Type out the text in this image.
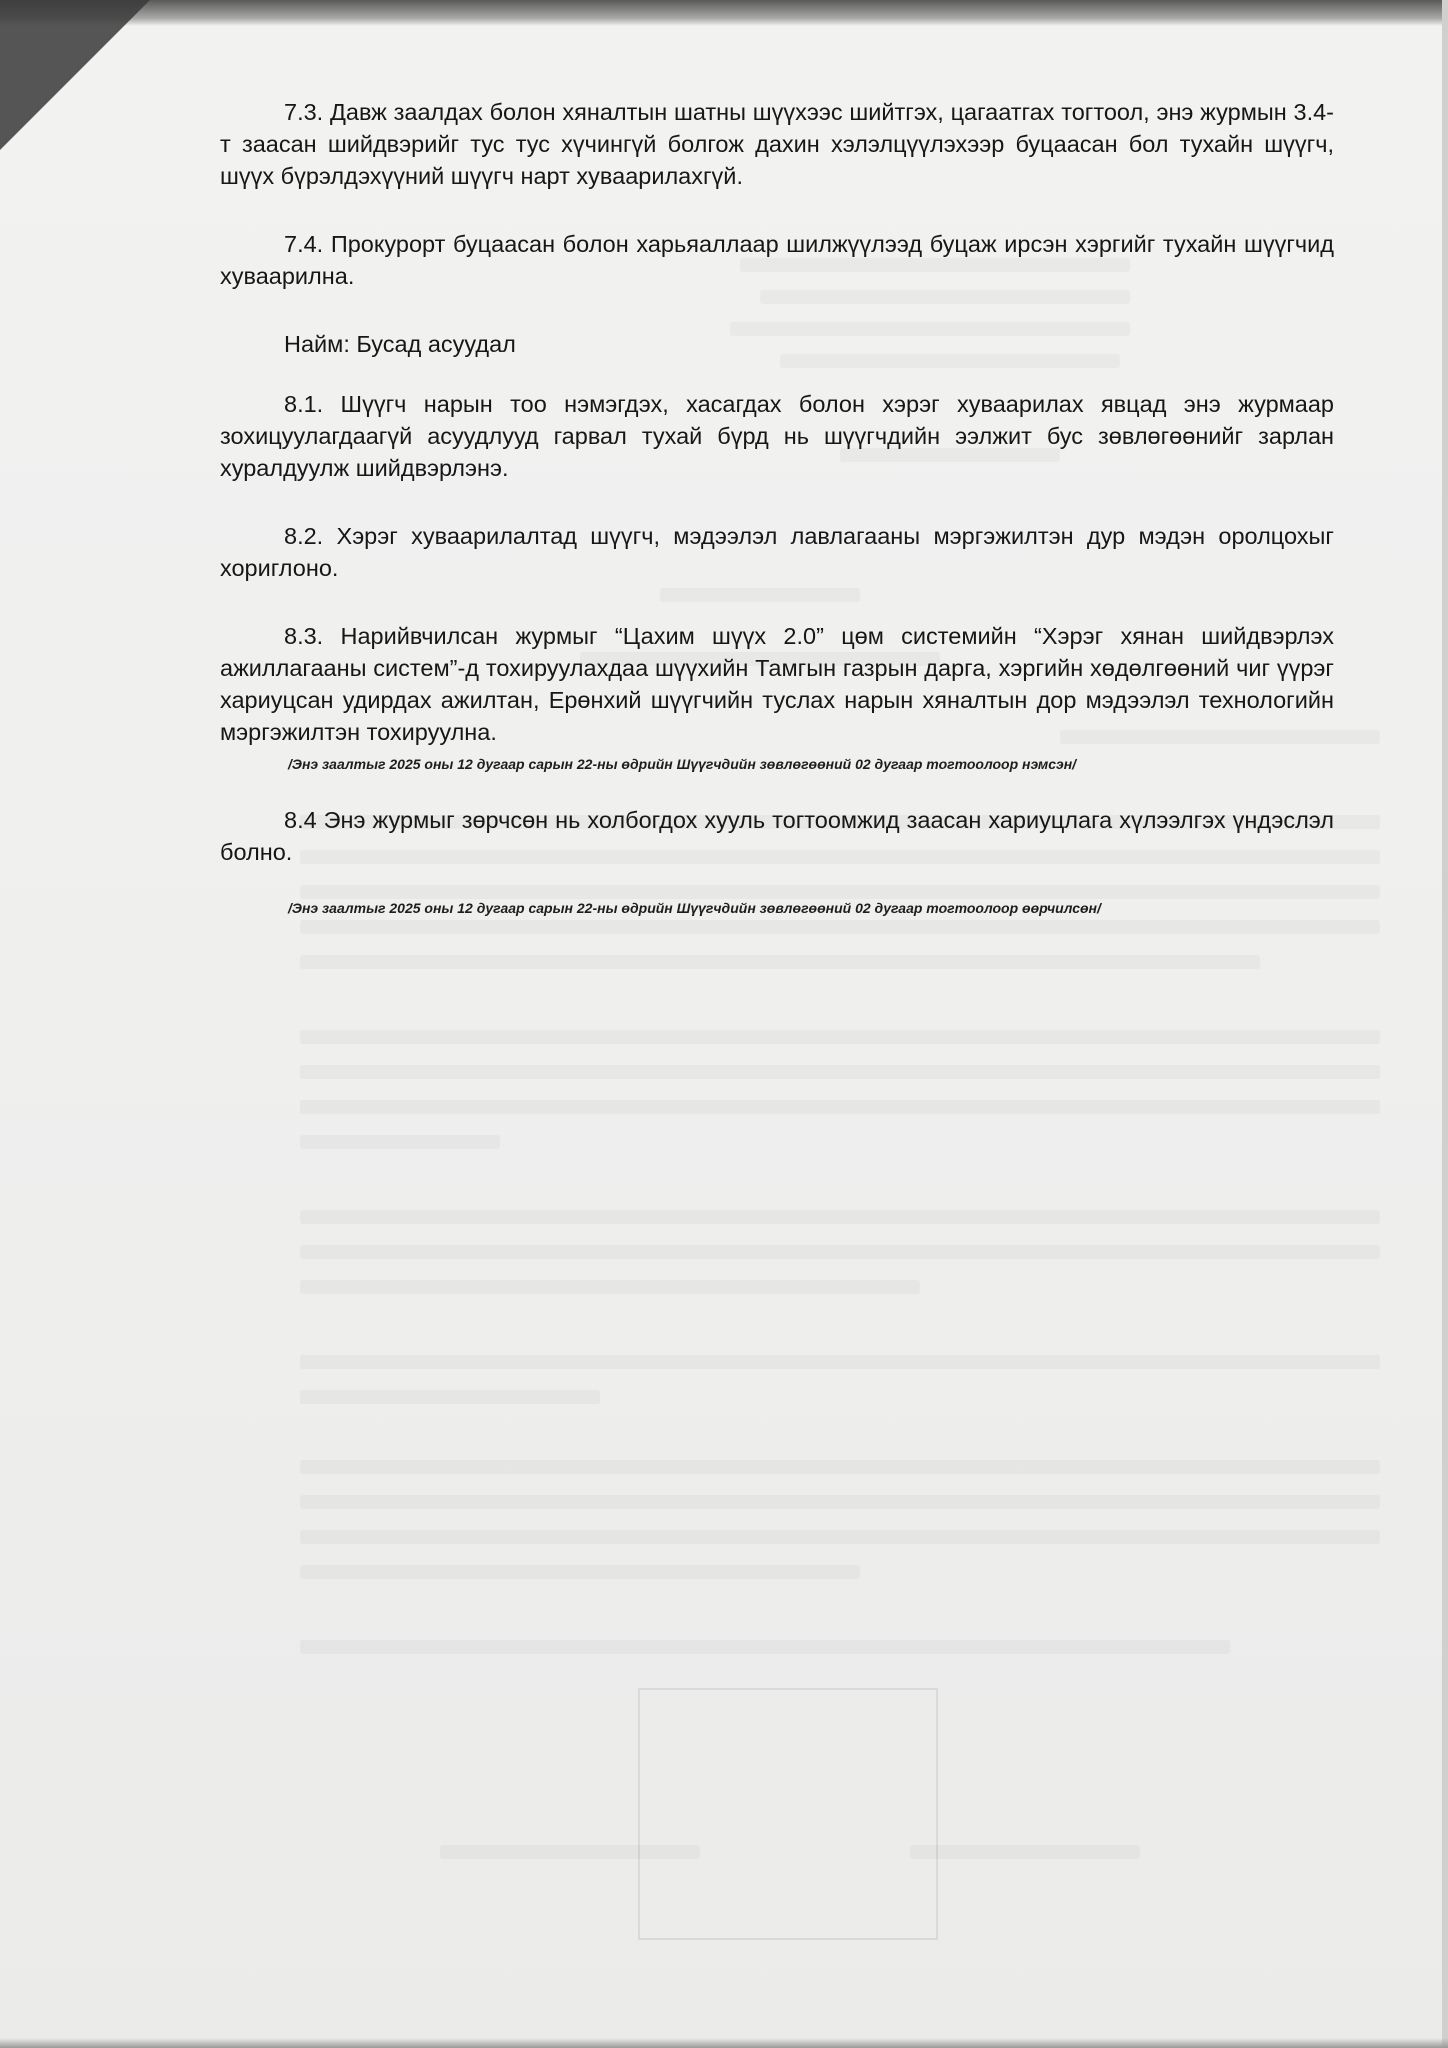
7.3. Давж заалдах болон хяналтын шатны шүүхээс шийтгэх, цагаатгах тогтоол, энэ журмын 3.4-т заасан шийдвэрийг тус тус хүчингүй болгож дахин хэлэлцүүлэхээр буцаасан бол тухайн шүүгч, шүүх бүрэлдэхүүний шүүгч нарт хуваарилахгүй.

7.4. Прокурорт буцаасан болон харьяаллаар шилжүүлээд буцаж ирсэн хэргийг тухайн шүүгчид хуваарилна.

Найм: Бусад асуудал

8.1. Шүүгч нарын тоо нэмэгдэх, хасагдах болон хэрэг хуваарилах явцад энэ журмаар зохицуулагдаагүй асуудлууд гарвал тухай бүрд нь шүүгчдийн ээлжит бус зөвлөгөөнийг зарлан хуралдуулж шийдвэрлэнэ.

8.2. Хэрэг хуваарилалтад шүүгч, мэдээлэл лавлагааны мэргэжилтэн дур мэдэн оролцохыг хориглоно.

8.3. Нарийвчилсан журмыг “Цахим шүүх 2.0” цөм системийн “Хэрэг хянан шийдвэрлэх ажиллагааны систем”-д тохируулахдаа шүүхийн Тамгын газрын дарга, хэргийн хөдөлгөөний чиг үүрэг хариуцсан удирдах ажилтан, Ерөнхий шүүгчийн туслах нарын хяналтын дор мэдээлэл технологийн мэргэжилтэн тохируулна.

/Энэ заалтыг 2025 оны 12 дугаар сарын 22-ны өдрийн Шүүгчдийн зөвлөгөөний 02 дугаар тогтоолоор нэмсэн/

8.4 Энэ журмыг зөрчсөн нь холбогдох хууль тогтоомжид заасан хариуцлага хүлээлгэх үндэслэл болно.

/Энэ заалтыг 2025 оны 12 дугаар сарын 22-ны өдрийн Шүүгчдийн зөвлөгөөний 02 дугаар тогтоолоор өөрчилсөн/
